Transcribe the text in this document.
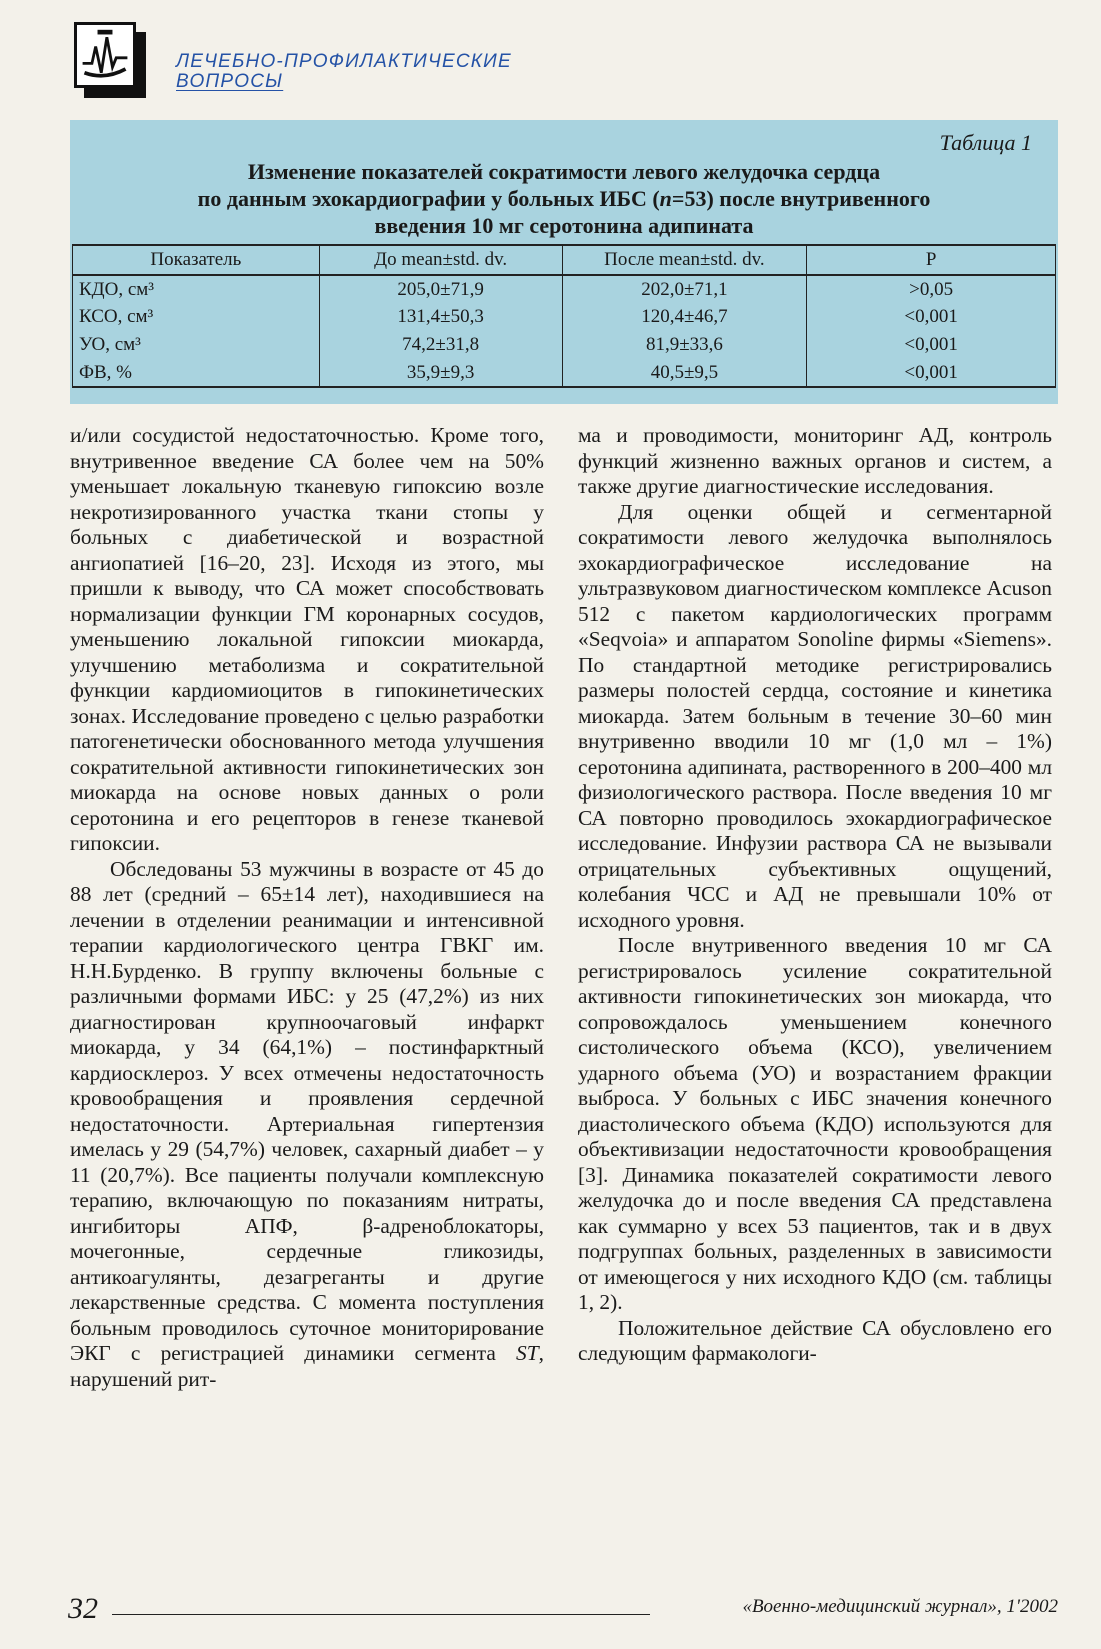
ЛЕЧЕБНО-ПРОФИЛАКТИЧЕСКИЕ
ВОПРОСЫ
Таблица 1
Изменение показателей сократимости левого желудочка сердца
по данным эхокардиографии у больных ИБС (n=53) после внутривенного
введения 10 мг серотонина адипината
Показатель	До mean±std. dv.	После mean±std. dv.	P
КДО, см³	205,0±71,9	202,0±71,1	>0,05
КСО, см³	131,4±50,3	120,4±46,7	<0,001
УО, см³	74,2±31,8	81,9±33,6	<0,001
ФВ, %	35,9±9,3	40,5±9,5	<0,001

и/или сосудистой недостаточностью. Кроме того, внутривенное введение СА более чем на 50% уменьшает локальную тканевую гипоксию возле некротизированного участка ткани стопы у больных с диабетической и возрастной ангиопатией [16–20, 23]. Исходя из этого, мы пришли к выводу, что СА может способствовать нормализации функции ГМ коронарных сосудов, уменьшению локальной гипоксии миокарда, улучшению метаболизма и сократительной функции кардиомиоцитов в гипокинетических зонах. Исследование проведено с целью разработки патогенетически обоснованного метода улучшения сократительной активности гипокинетических зон миокарда на основе новых данных о роли серотонина и его рецепторов в генезе тканевой гипоксии.

Обследованы 53 мужчины в возрасте от 45 до 88 лет (средний – 65±14 лет), находившиеся на лечении в отделении реанимации и интенсивной терапии кардиологического центра ГВКГ им. Н.Н.Бурденко. В группу включены больные с различными формами ИБС: у 25 (47,2%) из них диагностирован крупноочаговый инфаркт миокарда, у 34 (64,1%) – постинфарктный кардиосклероз. У всех отмечены недостаточность кровообращения и проявления сердечной недостаточности. Артериальная гипертензия имелась у 29 (54,7%) человек, сахарный диабет – у 11 (20,7%). Все пациенты получали комплексную терапию, включающую по показаниям нитраты, ингибиторы АПФ, β-адреноблокаторы, мочегонные, сердечные гликозиды, антикоагулянты, дезагреганты и другие лекарственные средства. С момента поступления больным проводилось суточное мониторирование ЭКГ с регистрацией динамики сегмента ST, нарушений рит-

ма и проводимости, мониторинг АД, контроль функций жизненно важных органов и систем, а также другие диагностические исследования.

Для оценки общей и сегментарной сократимости левого желудочка выполнялось эхокардиографическое исследование на ультразвуковом диагностическом комплексе Acuson 512 с пакетом кардиологических программ «Seqvoia» и аппаратом Sonoline фирмы «Siemens». По стандартной методике регистрировались размеры полостей сердца, состояние и кинетика миокарда. Затем больным в течение 30–60 мин внутривенно вводили 10 мг (1,0 мл – 1%) серотонина адипината, растворенного в 200–400 мл физиологического раствора. После введения 10 мг СА повторно проводилось эхокардиографическое исследование. Инфузии раствора СА не вызывали отрицательных субъективных ощущений, колебания ЧСС и АД не превышали 10% от исходного уровня.

После внутривенного введения 10 мг СА регистрировалось усиление сократительной активности гипокинетических зон миокарда, что сопровождалось уменьшением конечного систолического объема (КСО), увеличением ударного объема (УО) и возрастанием фракции выброса. У больных с ИБС значения конечного диастолического объема (КДО) используются для объективизации недостаточности кровообращения [3]. Динамика показателей сократимости левого желудочка до и после введения СА представлена как суммарно у всех 53 пациентов, так и в двух подгруппах больных, разделенных в зависимости от имеющегося у них исходного КДО (см. таблицы 1, 2).

Положительное действие СА обусловлено его следующим фармакологи-

32	«Военно-медицинский журнал», 1'2002
